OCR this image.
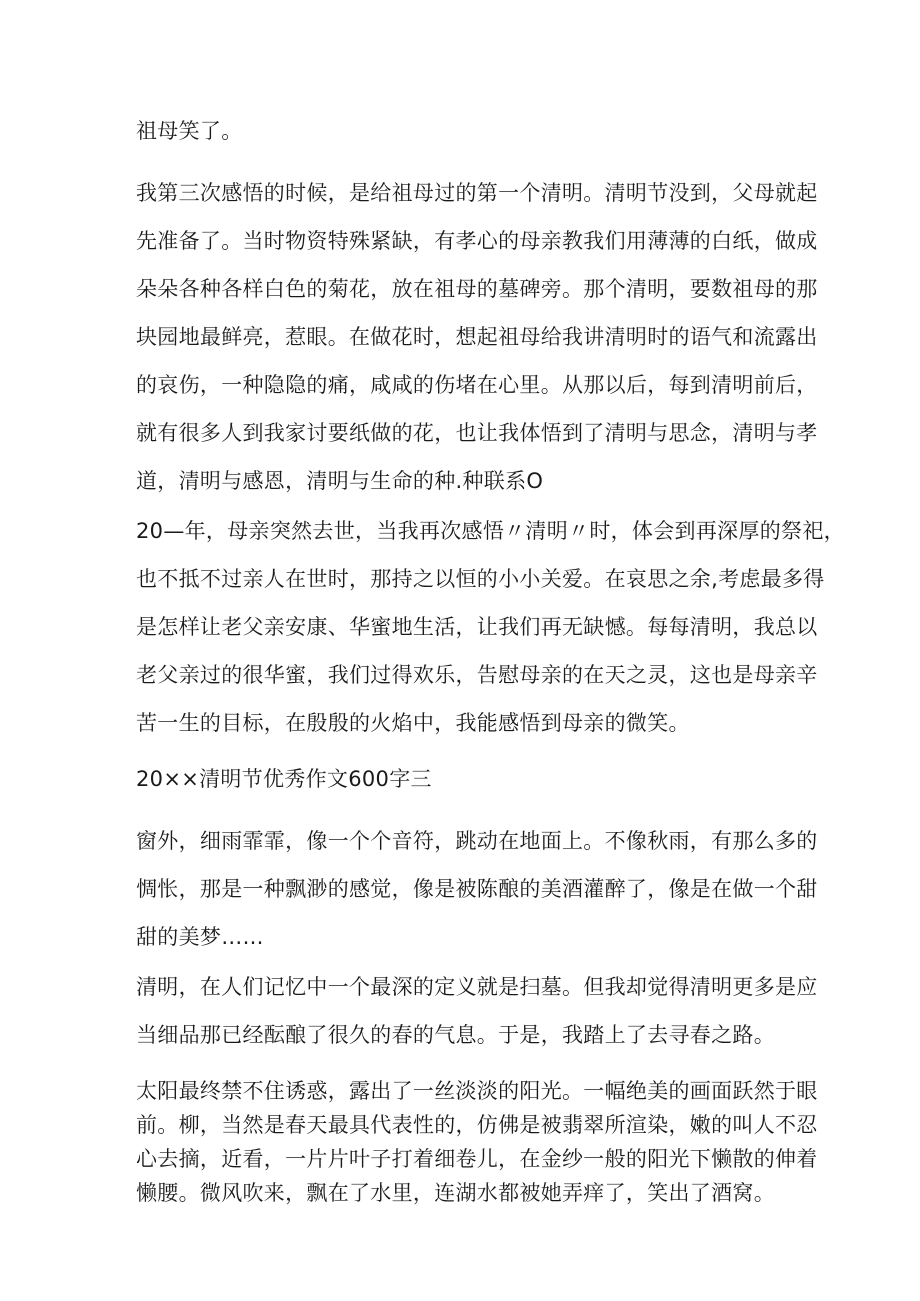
祖母笑了。
我第三次感悟的时候，是给祖母过的第一个清明。清明节没到，父母就起
先准备了。当时物资特殊紧缺，有孝心的母亲教我们用薄薄的白纸，做成
朵朵各种各样白色的菊花，放在祖母的墓碑旁。那个清明，要数祖母的那
块园地最鲜亮，惹眼。在做花时，想起祖母给我讲清明时的语气和流露出
的哀伤，一种隐隐的痛，咸咸的伤堵在心里。从那以后，每到清明前后，
就有很多人到我家讨要纸做的花，也让我体悟到了清明与思念，清明与孝
道，清明与感恩，清明与生命的种.种联系O
20—年，母亲突然去世，当我再次感悟〃清明〃时，体会到再深厚的祭祀，
也不抵不过亲人在世时，那持之以恒的小小关爱。在哀思之余,考虑最多得
是怎样让老父亲安康、华蜜地生活，让我们再无缺憾。每每清明，我总以
老父亲过的很华蜜，我们过得欢乐，告慰母亲的在天之灵，这也是母亲辛
苦一生的目标，在殷殷的火焰中，我能感悟到母亲的微笑。
20××清明节优秀作文600字三
窗外，细雨霏霏，像一个个音符，跳动在地面上。不像秋雨，有那么多的
惆怅，那是一种飘渺的感觉，像是被陈酿的美酒灌醉了，像是在做一个甜
甜的美梦……
清明，在人们记忆中一个最深的定义就是扫墓。但我却觉得清明更多是应
当细品那已经酝酿了很久的春的气息。于是，我踏上了去寻春之路。
太阳最终禁不住诱惑，露出了一丝淡淡的阳光。一幅绝美的画面跃然于眼
前。柳，当然是春天最具代表性的，仿佛是被翡翠所渲染，嫩的叫人不忍
心去摘，近看，一片片叶子打着细卷儿，在金纱一般的阳光下懒散的伸着
懒腰。微风吹来，飘在了水里，连湖水都被她弄痒了，笑出了酒窝。
